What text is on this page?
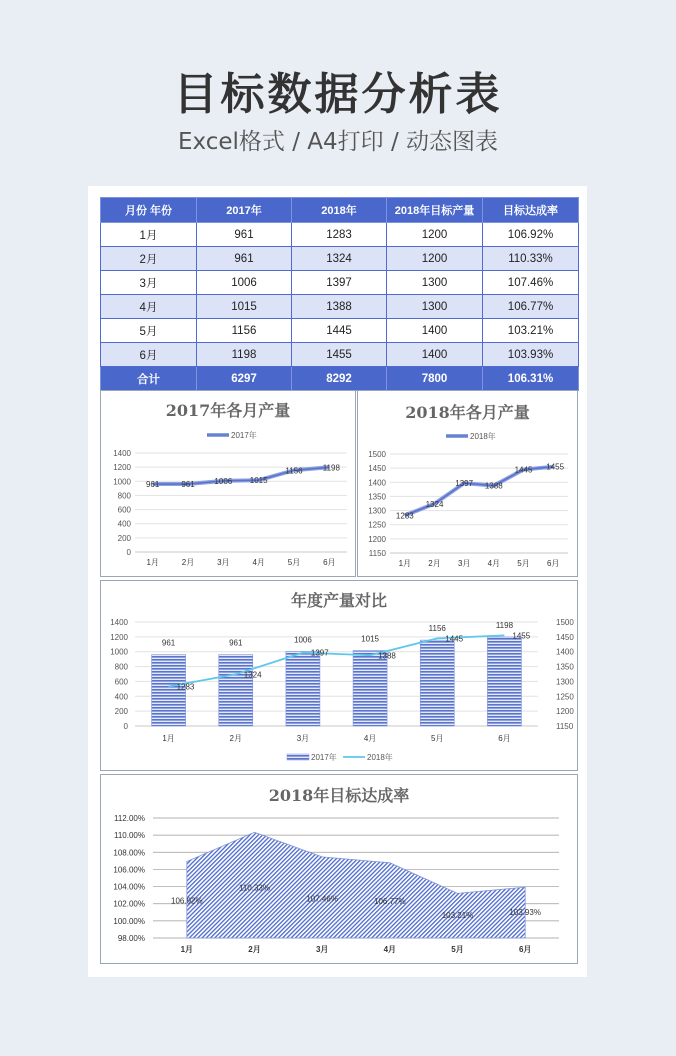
目标数据分析表
Excel格式 / A4打印 / 动态图表
月份 年份	2017年	2018年	2018年目标产量	目标达成率
1月	961	1283	1200	106.92%
2月	961	1324	1200	110.33%
3月	1006	1397	1300	107.46%
4月	1015	1388	1300	106.77%
5月	1156	1445	1400	103.21%
6月	1198	1455	1400	103.93%
合计	6297	8292	7800	106.31%
2017年各月产量
0
200
400
600
800
1000
1200
1400
1月	2月	3月	4月	5月	6月
961	961 1006 1015
1156	1198
2017年
2018年各月产量
1150
1200
1250
1300
1350
1400
1450
1500
1月 2月 3月 4月 5月 6月
1283
1324
1397 1388
1445 1455
2018年
年度产量对比
0
200
400
600
800
1000
1200
1400
1150
1200
1250
1300
1350
1400
1450
1500
961	961	1006	1015
1156	1198
1283
1324
1397	1388
1445	1455
1月	2月	3月	4月	5月	6月
2017年	2018年
2018年目标达成率
98.00%
100.00%
102.00%
104.00%
106.00%
108.00%
110.00%
112.00%
106.92%
110.33%
107.46%	106.77%
103.21%	103.93%
1月	2月	3月	4月	5月	6月
